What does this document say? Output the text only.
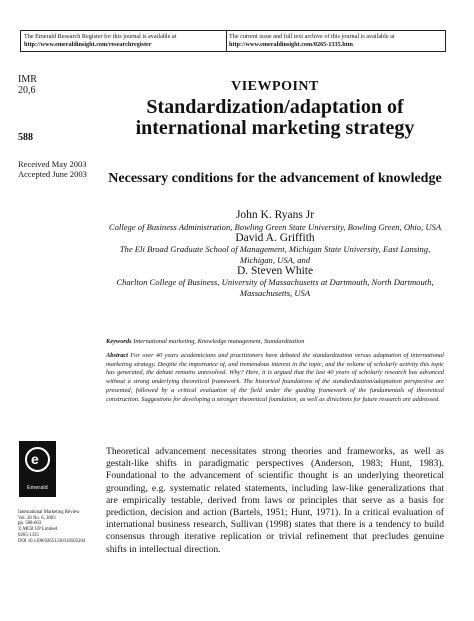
The Emerald Research Register for this journal is available at
http://www.emeraldinsight.com/researchregister
The current issue and full text archive of this journal is available at
http://www.emeraldinsight.com/0265-1335.htm
IMR
20,6
588
Received May 2003
Accepted June 2003
e
Emerald
International Marketing Review
Vol. 20 No. 6, 2003
pp. 588-603
© MCB UP Limited
0265-1335
DOI 10.1108/02651330310505204
VIEWPOINT
Standardization/adaptation of international marketing strategy
Necessary conditions for the advancement of knowledge
John K. Ryans Jr
College of Business Administration, Bowling Green State University, Bowling Green, Ohio, USA
David A. Griffith
The Eli Broad Graduate School of Management, Michigan State University, East Lansing, Michigan, USA, and
D. Steven White
Charlton College of Business, University of Massachusetts at Dartmouth, North Dartmouth, Massachusetts, USA
Keywords International marketing, Knowledge management, Standardization
Abstract For over 40 years academicians and practitioners have debated the standardization versus adaptation of international marketing strategy. Despite the importance of, and tremendous interest in the topic, and the volume of scholarly activity this topic has generated, the debate remains unresolved. Why? Here, it is argued that the last 40 years of scholarly research has advanced without a strong underlying theoretical framework. The historical foundations of the standardization/adaptation perspective are presented, followed by a critical evaluation of the field under the guiding framework of the fundamentals of theoretical construction. Suggestions for developing a stronger theoretical foundation, as well as directions for future research are addressed.
Theoretical advancement necessitates strong theories and frameworks, as well as gestalt-like shifts in paradigmatic perspectives (Anderson, 1983; Hunt, 1983). Foundational to the advancement of scientific thought is an underlying theoretical grounding, e.g. systematic related statements, including law-like generalizations that are empirically testable, derived from laws or principles that serve as a basis for prediction, decision and action (Bartels, 1951; Hunt, 1971). In a critical evaluation of international business research, Sullivan (1998) states that there is a tendency to build consensus through iterative replication or trivial refinement that precludes genuine shifts in intellectual direction.
